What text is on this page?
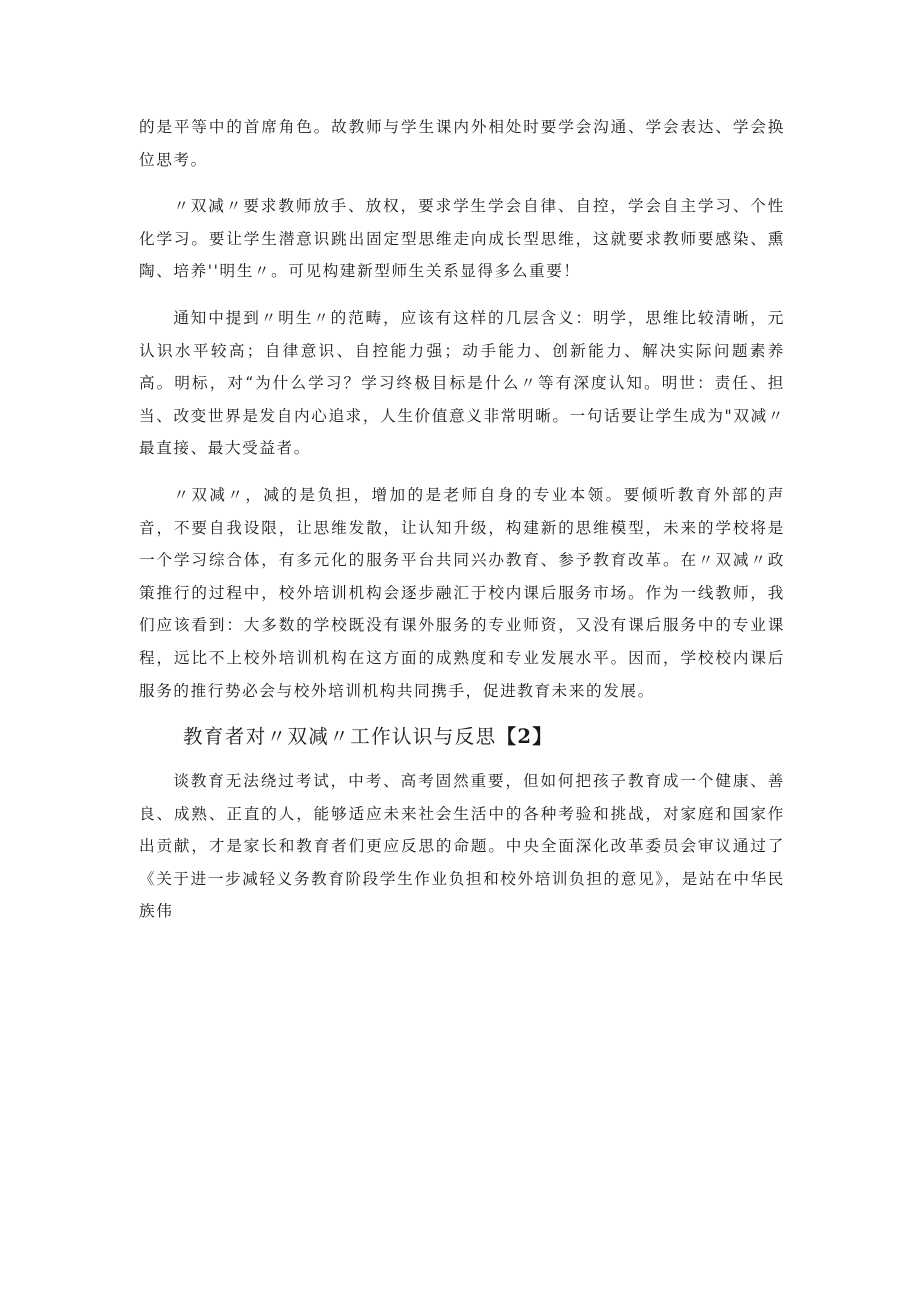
的是平等中的首席角色。故教师与学生课内外相处时要学会沟通、学会表达、学会换位思考。

〃双减〃要求教师放手、放权，要求学生学会自律、自控，学会自主学习、个性化学习。要让学生潜意识跳出固定型思维走向成长型思维，这就要求教师要感染、熏陶、培养''明生〃。可见构建新型师生关系显得多么重要！

通知中提到〃明生〃的范畴，应该有这样的几层含义：明学，思维比较清晰，元认识水平较高；自律意识、自控能力强；动手能力、创新能力、解决实际问题素养高。明标，对“为什么学习？学习终极目标是什么〃等有深度认知。明世：责任、担当、改变世界是发自内心追求，人生价值意义非常明晰。一句话要让学生成为"双减〃最直接、最大受益者。

〃双减〃，减的是负担，增加的是老师自身的专业本领。要倾听教育外部的声音，不要自我设限，让思维发散，让认知升级，构建新的思维模型，未来的学校将是一个学习综合体，有多元化的服务平台共同兴办教育、参予教育改革。在〃双减〃政策推行的过程中，校外培训机构会逐步融汇于校内课后服务市场。作为一线教师，我们应该看到：大多数的学校既没有课外服务的专业师资，又没有课后服务中的专业课程，远比不上校外培训机构在这方面的成熟度和专业发展水平。因而，学校校内课后服务的推行势必会与校外培训机构共同携手，促进教育未来的发展。

教育者对〃双减〃工作认识与反思【2】

谈教育无法绕过考试，中考、高考固然重要，但如何把孩子教育成一个健康、善良、成熟、正直的人，能够适应未来社会生活中的各种考验和挑战，对家庭和国家作出贡献，才是家长和教育者们更应反思的命题。中央全面深化改革委员会审议通过了《关于进一步减轻义务教育阶段学生作业负担和校外培训负担的意见》，是站在中华民族伟
